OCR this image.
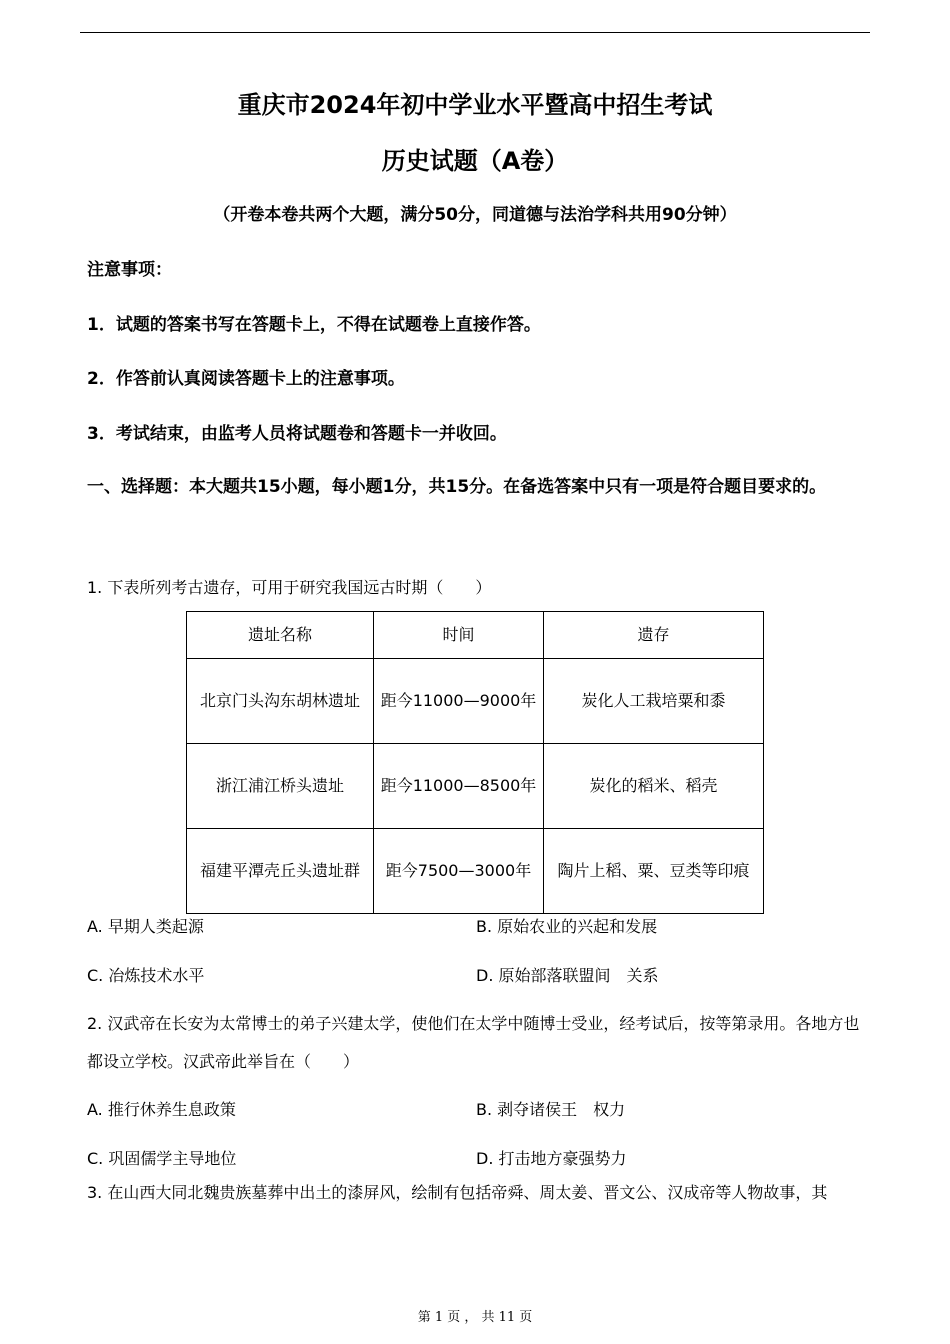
重庆市2024年初中学业水平暨高中招生考试
历史试题（A卷）
（开卷本卷共两个大题，满分50分，同道德与法治学科共用90分钟）
注意事项：
1．试题的答案书写在答题卡上，不得在试题卷上直接作答。
2．作答前认真阅读答题卡上的注意事项。
3．考试结束，由监考人员将试题卷和答题卡一并收回。
一、选择题：本大题共15小题，每小题1分，共15分。在备选答案中只有一项是符合题目要求的。
1. 下表所列考古遗存，可用于研究我国远古时期（　　）
遗址名称	时间	遗存
北京门头沟东胡林遗址	距今11000—9000年	炭化人工栽培粟和黍
浙江浦江桥头遗址	距今11000—8500年	炭化的稻米、稻壳
福建平潭壳丘头遗址群	距今7500—3000年	陶片上稻、粟、豆类等印痕
A. 早期人类起源	B. 原始农业的兴起和发展
C. 冶炼技术水平	D. 原始部落联盟间　关系
2. 汉武帝在长安为太常博士的弟子兴建太学，使他们在太学中随博士受业，经考试后，按等第录用。各地方也都设立学校。汉武帝此举旨在（　　）
A. 推行休养生息政策	B. 剥夺诸侯王　权力
C. 巩固儒学主导地位	D. 打击地方豪强势力
3. 在山西大同北魏贵族墓葬中出土的漆屏风，绘制有包括帝舜、周太姜、晋文公、汉成帝等人物故事，其
第 1 页 ， 共 11 页
